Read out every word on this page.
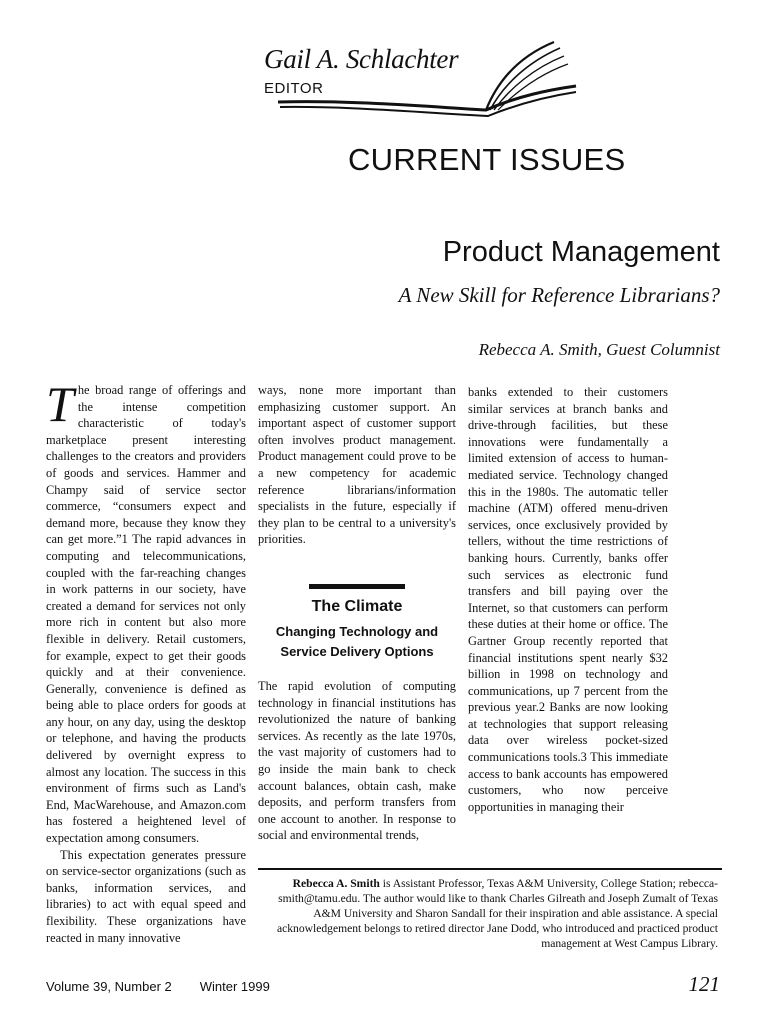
Gail A. Schlachter
EDITOR
CURRENT ISSUES
Product Management
A New Skill for Reference Librarians?
Rebecca A. Smith, Guest Columnist

The broad range of offerings and the intense competition characteristic of today's marketplace present interesting challenges to the creators and providers of goods and services. Hammer and Champy said of service sector commerce, “consumers expect and demand more, because they know they can get more.”1 The rapid advances in computing and telecommunications, coupled with the far-reaching changes in work patterns in our society, have created a demand for services not only more rich in content but also more flexible in delivery. Retail customers, for example, expect to get their goods quickly and at their convenience. Generally, convenience is defined as being able to place orders for goods at any hour, on any day, using the desktop or telephone, and having the products delivered by overnight express to almost any location. The success in this environment of firms such as Land's End, MacWarehouse, and Amazon.com has fostered a heightened level of expectation among consumers.

This expectation generates pressure on service-sector organizations (such as banks, information services, and libraries) to act with equal speed and flexibility. These organizations have reacted in many innovative

ways, none more important than emphasizing customer support. An important aspect of customer support often involves product management. Product management could prove to be a new competency for academic reference librarians/information specialists in the future, especially if they plan to be central to a university's priorities.

The Climate
Changing Technology and Service Delivery Options

The rapid evolution of computing technology in financial institutions has revolutionized the nature of banking services. As recently as the late 1970s, the vast majority of customers had to go inside the main bank to check account balances, obtain cash, make deposits, and perform transfers from one account to another. In response to social and environmental trends,

banks extended to their customers similar services at branch banks and drive-through facilities, but these innovations were fundamentally a limited extension of access to human-mediated service. Technology changed this in the 1980s. The automatic teller machine (ATM) offered menu-driven services, once exclusively provided by tellers, without the time restrictions of banking hours. Currently, banks offer such services as electronic fund transfers and bill paying over the Internet, so that customers can perform these duties at their home or office. The Gartner Group recently reported that financial institutions spent nearly $32 billion in 1998 on technology and communications, up 7 percent from the previous year.2 Banks are now looking at technologies that support releasing data over wireless pocket-sized communications tools.3 This immediate access to bank accounts has empowered customers, who now perceive opportunities in managing their

Rebecca A. Smith is Assistant Professor, Texas A&M University, College Station; rebecca-smith@tamu.edu. The author would like to thank Charles Gilreath and Joseph Zumalt of Texas A&M University and Sharon Sandall for their inspiration and able assistance. A special acknowledgement belongs to retired director Jane Dodd, who introduced and practiced product management at West Campus Library.
Volume 39, Number 2 Winter 1999	121
